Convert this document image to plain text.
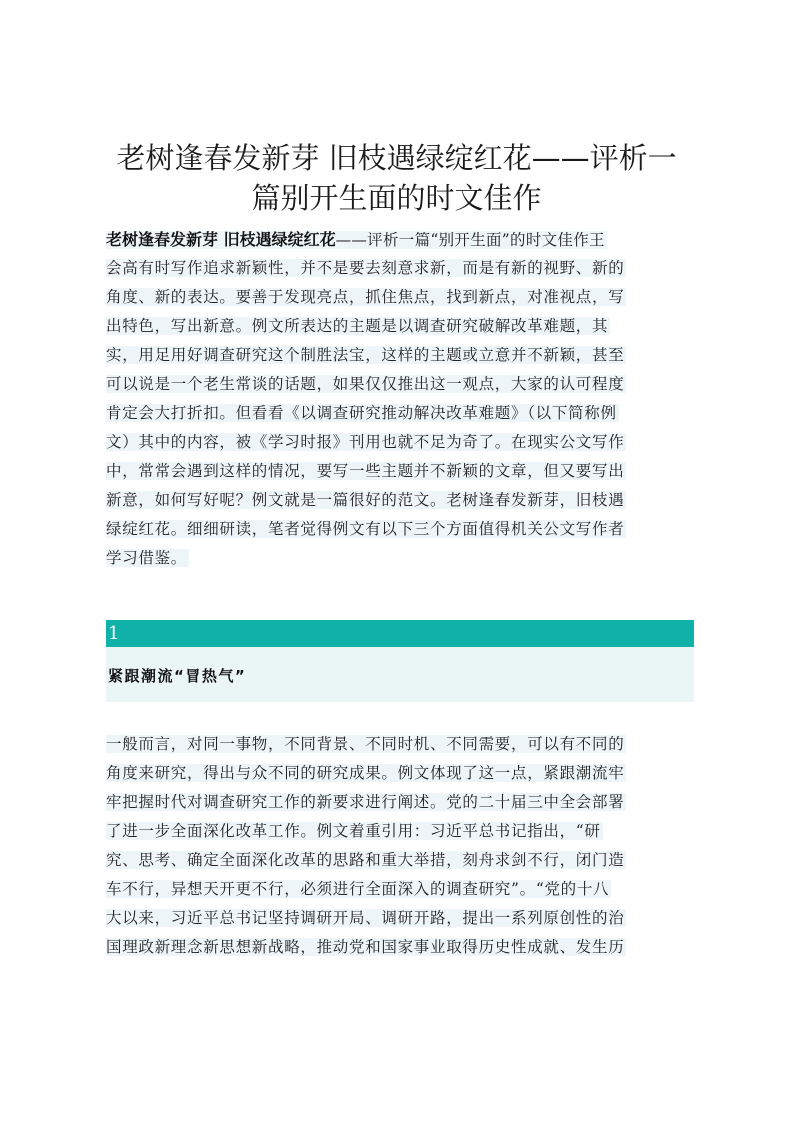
老树逢春发新芽 旧枝遇绿绽红花——评析一
篇别开生面的时文佳作
老树逢春发新芽 旧枝遇绿绽红花——评析一篇“别开生面”的时文佳作王
会高有时写作追求新颖性，并不是要去刻意求新，而是有新的视野、新的
角度、新的表达。要善于发现亮点，抓住焦点，找到新点，对准视点，写
出特色，写出新意。例文所表达的主题是以调查研究破解改革难题，其
实，用足用好调查研究这个制胜法宝，这样的主题或立意并不新颖，甚至
可以说是一个老生常谈的话题，如果仅仅推出这一观点，大家的认可程度
肯定会大打折扣。但看看《以调查研究推动解决改革难题》（以下简称例
文）其中的内容，被《学习时报》刊用也就不足为奇了。在现实公文写作
中，常常会遇到这样的情况，要写一些主题并不新颖的文章，但又要写出
新意，如何写好呢？例文就是一篇很好的范文。老树逢春发新芽，旧枝遇
绿绽红花。细细研读，笔者觉得例文有以下三个方面值得机关公文写作者
学习借鉴。
1
紧跟潮流“冒热气”
一般而言，对同一事物，不同背景、不同时机、不同需要，可以有不同的
角度来研究，得出与众不同的研究成果。例文体现了这一点，紧跟潮流牢
牢把握时代对调查研究工作的新要求进行阐述。党的二十届三中全会部署
了进一步全面深化改革工作。例文着重引用：习近平总书记指出，“研
究、思考、确定全面深化改革的思路和重大举措，刻舟求剑不行，闭门造
车不行，异想天开更不行，必须进行全面深入的调查研究”。“党的十八
大以来，习近平总书记坚持调研开局、调研开路，提出一系列原创性的治
国理政新理念新思想新战略，推动党和国家事业取得历史性成就、发生历
